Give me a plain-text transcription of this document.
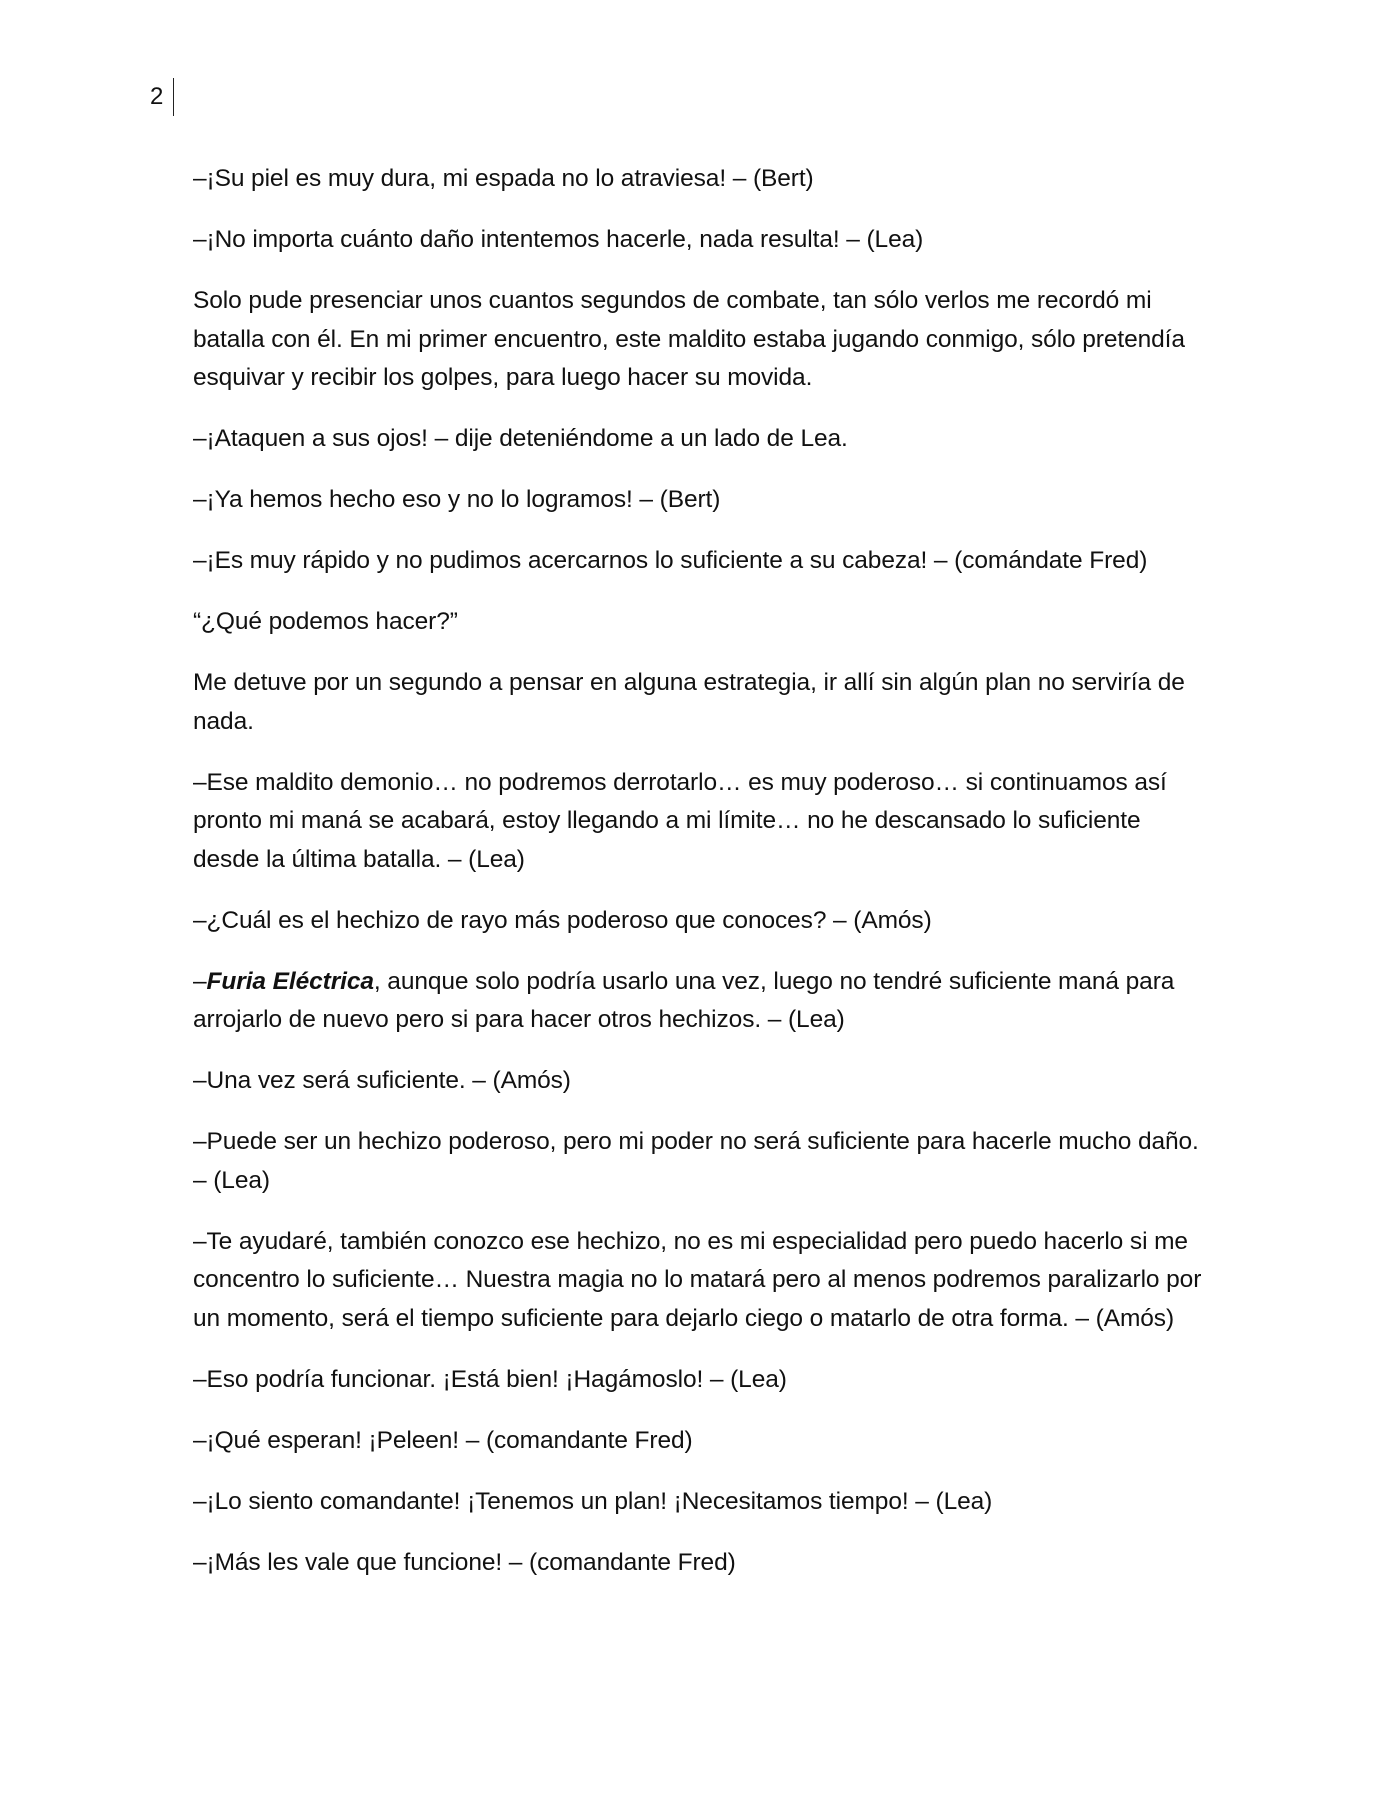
2

–¡Su piel es muy dura, mi espada no lo atraviesa! – (Bert)

–¡No importa cuánto daño intentemos hacerle, nada resulta! – (Lea)

Solo pude presenciar unos cuantos segundos de combate, tan sólo verlos me recordó mi batalla con él. En mi primer encuentro, este maldito estaba jugando conmigo, sólo pretendía esquivar y recibir los golpes, para luego hacer su movida.

–¡Ataquen a sus ojos! – dije deteniéndome a un lado de Lea.

–¡Ya hemos hecho eso y no lo logramos! – (Bert)

–¡Es muy rápido y no pudimos acercarnos lo suficiente a su cabeza! – (comándate Fred)

“¿Qué podemos hacer?”

Me detuve por un segundo a pensar en alguna estrategia, ir allí sin algún plan no serviría de nada.

–Ese maldito demonio… no podremos derrotarlo… es muy poderoso… si continuamos así pronto mi maná se acabará, estoy llegando a mi límite… no he descansado lo suficiente desde la última batalla. – (Lea)

–¿Cuál es el hechizo de rayo más poderoso que conoces? – (Amós)

–Furia Eléctrica, aunque solo podría usarlo una vez, luego no tendré suficiente maná para arrojarlo de nuevo pero si para hacer otros hechizos. – (Lea)

–Una vez será suficiente. – (Amós)

–Puede ser un hechizo poderoso, pero mi poder no será suficiente para hacerle mucho daño. – (Lea)

–Te ayudaré, también conozco ese hechizo, no es mi especialidad pero puedo hacerlo si me concentro lo suficiente… Nuestra magia no lo matará pero al menos podremos paralizarlo por un momento, será el tiempo suficiente para dejarlo ciego o matarlo de otra forma. – (Amós)

–Eso podría funcionar. ¡Está bien! ¡Hagámoslo! – (Lea)

–¡Qué esperan! ¡Peleen! – (comandante Fred)

–¡Lo siento comandante! ¡Tenemos un plan! ¡Necesitamos tiempo! – (Lea)

–¡Más les vale que funcione! – (comandante Fred)
